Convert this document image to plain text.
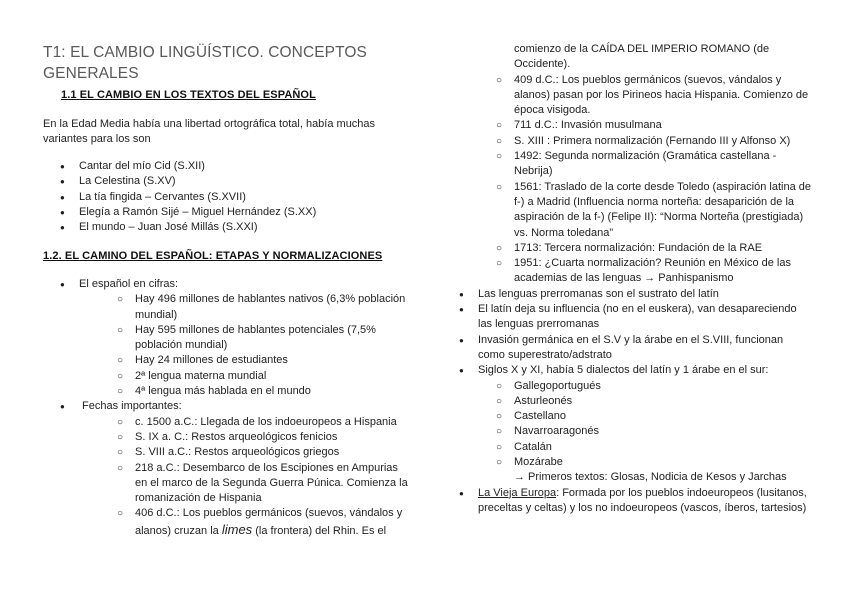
T1: EL CAMBIO LINGÜÍSTICO. CONCEPTOS GENERALES
1.1 EL CAMBIO EN LOS TEXTOS DEL ESPAÑOL
En la Edad Media había una libertad ortográfica total, había muchas variantes para los son
● Cantar del mío Cid (S.XII)
● La Celestina (S.XV)
● La tía fingida – Cervantes (S.XVII)
● Elegía a Ramón Sijé – Miguel Hernández (S.XX)
● El mundo – Juan José Millás (S.XXI)
1.2. EL CAMINO DEL ESPAÑOL: ETAPAS Y NORMALIZACIONES
● El español en cifras:
○ Hay 496 millones de hablantes nativos (6,3% población mundial)
○ Hay 595 millones de hablantes potenciales (7,5% población mundial)
○ Hay 24 millones de estudiantes
○ 2ª lengua materna mundial
○ 4ª lengua más hablada en el mundo
● Fechas importantes:
○ c. 1500 a.C.: Llegada de los indoeuropeos a Hispania
○ S. IX a. C.: Restos arqueológicos fenicios
○ S. VIII a.C.: Restos arqueológicos griegos
○ 218 a.C.: Desembarco de los Escipiones en Ampurias en el marco de la Segunda Guerra Púnica. Comienza la romanización de Hispania
○ 406 d.C.: Los pueblos germánicos (suevos, vándalos y alanos) cruzan la limes (la frontera) del Rhin. Es el
comienzo de la CAÍDA DEL IMPERIO ROMANO (de Occidente).
○ 409 d.C.: Los pueblos germánicos (suevos, vándalos y alanos) pasan por los Pirineos hacia Hispania. Comienzo de época visigoda.
○ 711 d.C.: Invasión musulmana
○ S. XIII : Primera normalización (Fernando III y Alfonso X)
○ 1492: Segunda normalización (Gramática castellana - Nebrija)
○ 1561: Traslado de la corte desde Toledo (aspiración latina de f-) a Madrid (Influencia norma norteña: desaparición de la aspiración de la f-) (Felipe II): “Norma Norteña (prestigiada) vs. Norma toledana”
○ 1713: Tercera normalización: Fundación de la RAE
○ 1951: ¿Cuarta normalización? Reunión en México de las academias de las lenguas → Panhispanismo
● Las lenguas prerromanas son el sustrato del latín
● El latín deja su influencia (no en el euskera), van desapareciendo las lenguas prerromanas
● Invasión germánica en el S.V y la árabe en el S.VIII, funcionan como superestrato/adstrato
● Siglos X y XI, había 5 dialectos del latín y 1 árabe en el sur:
○ Gallegoportugués
○ Asturleonés
○ Castellano
○ Navarroaragonés
○ Catalán
○ Mozárabe
→ Primeros textos: Glosas, Nodicia de Kesos y Jarchas
● La Vieja Europa: Formada por los pueblos indoeuropeos (lusitanos, preceltas y celtas) y los no indoeuropeos (vascos, íberos, tartesios)
